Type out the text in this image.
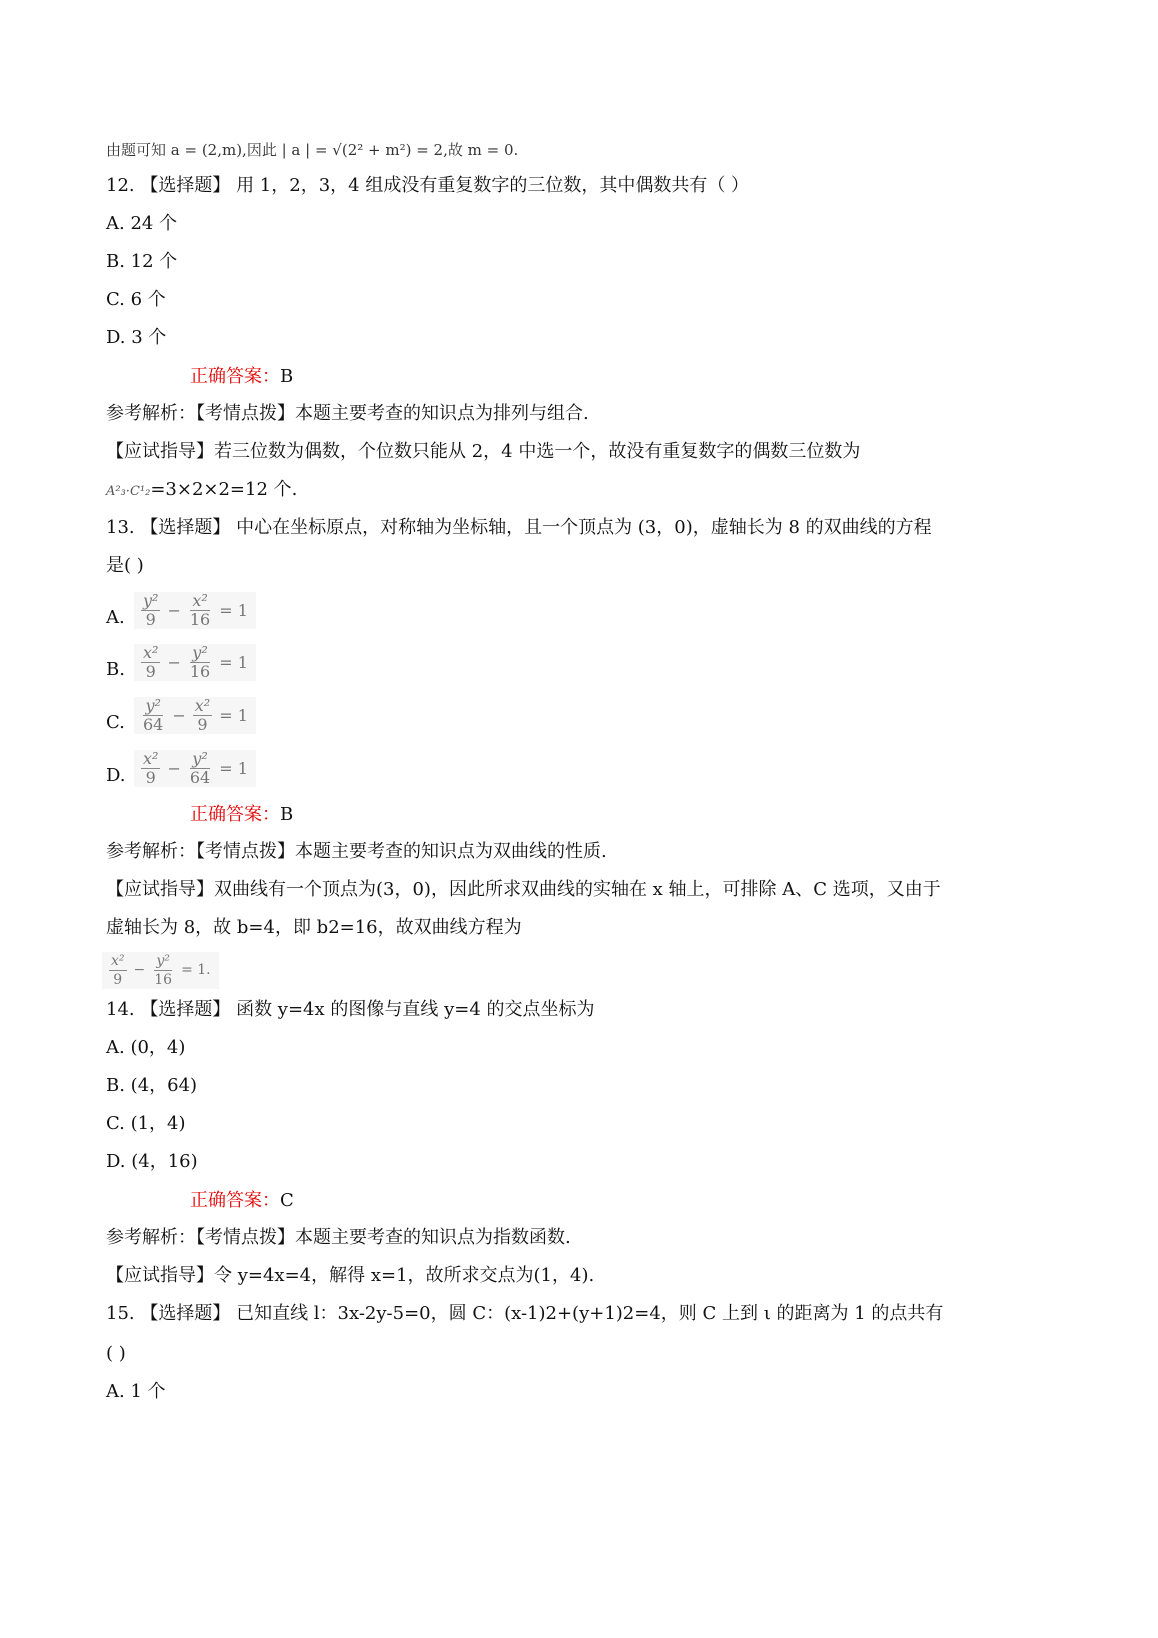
由题可知 a = (2,m),因此 | a | = √(2² + m²) = 2,故 m = 0.
12. 【选择题】 用 1，2，3，4 组成没有重复数字的三位数，其中偶数共有（ ）
A. 24 个
B. 12 个
C. 6 个
D. 3 个
正确答案：B
参考解析：【考情点拨】本题主要考查的知识点为排列与组合.
【应试指导】若三位数为偶数，个位数只能从 2，4 中选一个，故没有重复数字的偶数三位数为
A²₃·C¹₂=3×2×2=12 个.
13. 【选择题】 中心在坐标原点，对称轴为坐标轴，且一个顶点为 (3，0)，虚轴长为 8 的双曲线的方程
是( )
A.	$\frac{\text{y²}}{9} - \frac{\text{x²}}{16} = 1$
B.	$\frac{\text{x²}}{9} - \frac{\text{y²}}{16} = 1$
C.	$\frac{\text{y²}}{64} - \frac{\text{x²}}{9} = 1$
D. $\frac{\text{x²}}{9} - \frac{\text{y²}}{64} = 1$
正确答案：B
参考解析：【考情点拨】本题主要考查的知识点为双曲线的性质.
【应试指导】双曲线有一个顶点为(3，0)，因此所求双曲线的实轴在 x 轴上，可排除 A、C 选项，又由于
虚轴长为 8，故 b=4，即 b2=16，故双曲线方程为
$\frac{\text{x²}}{9} - \frac{\text{y²}}{16} = 1$.
14. 【选择题】 函数 y=4x 的图像与直线 y=4 的交点坐标为
A. (0，4)
B. (4，64)
C. (1，4)
D. (4，16)
正确答案：C
参考解析：【考情点拨】本题主要考查的知识点为指数函数.
【应试指导】令 y=4x=4，解得 x=1，故所求交点为(1，4).
15. 【选择题】 已知直线 l：3x-2y-5=0，圆 C：(x-1)2+(y+1)2=4，则 C 上到 ι 的距离为 1 的点共有
( )
A. 1 个
